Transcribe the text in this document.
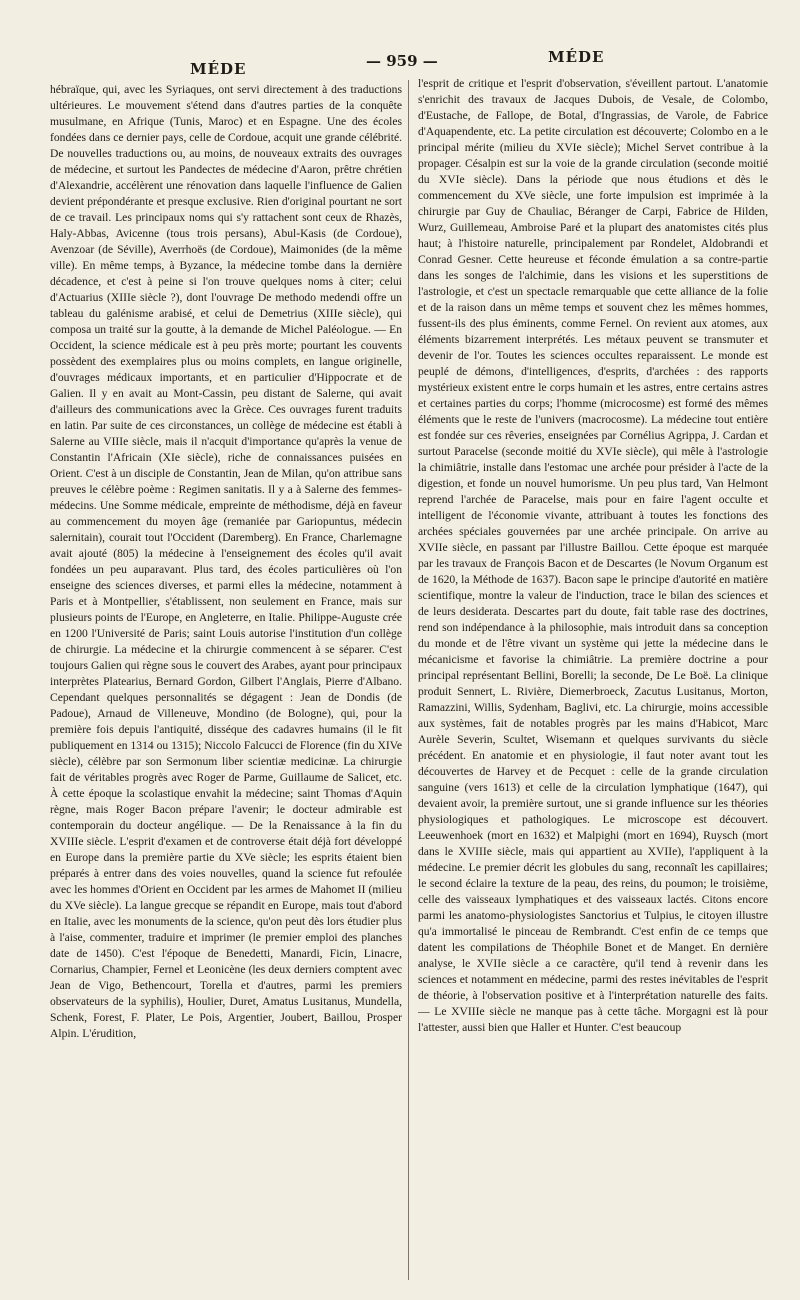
MÉDE	— 959 —	MÉDE

hébraïque, qui, avec les Syriaques, ont servi directement à des traductions ultérieures. Le mouvement s'étend dans d'autres parties de la conquête musulmane, en Afrique (Tunis, Maroc) et en Espagne. Une des écoles fondées dans ce dernier pays, celle de Cordoue, acquit une grande célébrité. De nouvelles traductions ou, au moins, de nouveaux extraits des ouvrages de médecine, et surtout les Pandectes de médecine d'Aaron, prêtre chrétien d'Alexandrie, accélèrent une rénovation dans laquelle l'influence de Galien devient prépondérante et presque exclusive. Rien d'original pourtant ne sort de ce travail. Les principaux noms qui s'y rattachent sont ceux de Rhazès, Haly-Abbas, Avicenne (tous trois persans), Abul-Kasis (de Cordoue), Avenzoar (de Séville), Averrhoës (de Cordoue), Maimonides (de la même ville). En même temps, à Byzance, la médecine tombe dans la dernière décadence, et c'est à peine si l'on trouve quelques noms à citer; celui d'Actuarius (XIIIe siècle ?), dont l'ouvrage De methodo medendi offre un tableau du galénisme arabisé, et celui de Demetrius (XIIIe siècle), qui composa un traité sur la goutte, à la demande de Michel Paléologue. — En Occident, la science médicale est à peu près morte; pourtant les couvents possèdent des exemplaires plus ou moins complets, en langue originelle, d'ouvrages médicaux importants, et en particulier d'Hippocrate et de Galien. Il y en avait au Mont-Cassin, peu distant de Salerne, qui avait d'ailleurs des communications avec la Grèce. Ces ouvrages furent traduits en latin. Par suite de ces circonstances, un collège de médecine est établi à Salerne au VIIIe siècle, mais il n'acquit d'importance qu'après la venue de Constantin l'Africain (XIe siècle), riche de connaissances puisées en Orient. C'est à un disciple de Constantin, Jean de Milan, qu'on attribue sans preuves le célèbre poème : Regimen sanitatis. Il y a à Salerne des femmes-médecins. Une Somme médicale, empreinte de méthodisme, déjà en faveur au commencement du moyen âge (remaniée par Gariopuntus, médecin salernitain), courait tout l'Occident (Daremberg). En France, Charlemagne avait ajouté (805) la médecine à l'enseignement des écoles qu'il avait fondées un peu auparavant. Plus tard, des écoles particulières où l'on enseigne des sciences diverses, et parmi elles la médecine, notamment à Paris et à Montpellier, s'établissent, non seulement en France, mais sur plusieurs points de l'Europe, en Angleterre, en Italie. Philippe-Auguste crée en 1200 l'Université de Paris; saint Louis autorise l'institution d'un collège de chirurgie. La médecine et la chirurgie commencent à se séparer. C'est toujours Galien qui règne sous le couvert des Arabes, ayant pour principaux interprètes Platearius, Bernard Gordon, Gilbert l'Anglais, Pierre d'Albano. Cependant quelques personnalités se dégagent : Jean de Dondis (de Padoue), Arnaud de Villeneuve, Mondino (de Bologne), qui, pour la première fois depuis l'antiquité, disséque des cadavres humains (il le fit publiquement en 1314 ou 1315); Niccolo Falcucci de Florence (fin du XIVe siècle), célèbre par son Sermonum liber scientiæ medicinæ. La chirurgie fait de véritables progrès avec Roger de Parme, Guillaume de Salicet, etc. À cette époque la scolastique envahit la médecine; saint Thomas d'Aquin règne, mais Roger Bacon prépare l'avenir; le docteur admirable est contemporain du docteur angélique. — De la Renaissance à la fin du XVIIIe siècle. L'esprit d'examen et de controverse était déjà fort développé en Europe dans la première partie du XVe siècle; les esprits étaient bien préparés à entrer dans des voies nouvelles, quand la science fut refoulée avec les hommes d'Orient en Occident par les armes de Mahomet II (milieu du XVe siècle). La langue grecque se répandit en Europe, mais tout d'abord en Italie, avec les monuments de la science, qu'on peut dès lors étudier plus à l'aise, commenter, traduire et imprimer (le premier emploi des planches date de 1450). C'est l'époque de Benedetti, Manardi, Ficin, Linacre, Cornarius, Champier, Fernel et Leonicène (les deux derniers comptent avec Jean de Vigo, Bethencourt, Torella et d'autres, parmi les premiers observateurs de la syphilis), Houlier, Duret, Amatus Lusitanus, Mundella, Schenk, Forest, F. Plater, Le Pois, Argentier, Joubert, Baillou, Prosper Alpin. L'érudition,

l'esprit de critique et l'esprit d'observation, s'éveillent partout. L'anatomie s'enrichit des travaux de Jacques Dubois, de Vesale, de Colombo, d'Eustache, de Fallope, de Botal, d'Ingrassias, de Varole, de Fabrice d'Aquapendente, etc. La petite circulation est découverte; Colombo en a le principal mérite (milieu du XVIe siècle); Michel Servet contribue à la propager. Césalpin est sur la voie de la grande circulation (seconde moitié du XVIe siècle). Dans la période que nous étudions et dès le commencement du XVe siècle, une forte impulsion est imprimée à la chirurgie par Guy de Chauliac, Béranger de Carpi, Fabrice de Hilden, Wurz, Guillemeau, Ambroise Paré et la plupart des anatomistes cités plus haut; à l'histoire naturelle, principalement par Rondelet, Aldobrandi et Conrad Gesner. Cette heureuse et féconde émulation a sa contre-partie dans les songes de l'alchimie, dans les visions et les superstitions de l'astrologie, et c'est un spectacle remarquable que cette alliance de la folie et de la raison dans un même temps et souvent chez les mêmes hommes, fussent-ils des plus éminents, comme Fernel. On revient aux atomes, aux éléments bizarrement interprétés. Les métaux peuvent se transmuter et devenir de l'or. Toutes les sciences occultes reparaissent. Le monde est peuplé de démons, d'intelligences, d'esprits, d'archées : des rapports mystérieux existent entre le corps humain et les astres, entre certains astres et certaines parties du corps; l'homme (microcosme) est formé des mêmes éléments que le reste de l'univers (macrocosme). La médecine tout entière est fondée sur ces rêveries, enseignées par Cornélius Agrippa, J. Cardan et surtout Paracelse (seconde moitié du XVIe siècle), qui mêle à l'astrologie la chimiâtrie, installe dans l'estomac une archée pour présider à l'acte de la digestion, et fonde un nouvel humorisme. Un peu plus tard, Van Helmont reprend l'archée de Paracelse, mais pour en faire l'agent occulte et intelligent de l'économie vivante, attribuant à toutes les fonctions des archées spéciales gouvernées par une archée principale. On arrive au XVIIe siècle, en passant par l'illustre Baillou. Cette époque est marquée par les travaux de François Bacon et de Descartes (le Novum Organum est de 1620, la Méthode de 1637). Bacon sape le principe d'autorité en matière scientifique, montre la valeur de l'induction, trace le bilan des sciences et de leurs desiderata. Descartes part du doute, fait table rase des doctrines, rend son indépendance à la philosophie, mais introduit dans sa conception du monde et de l'être vivant un système qui jette la médecine dans le mécanicisme et favorise la chimiâtrie. La première doctrine a pour principal représentant Bellini, Borelli; la seconde, De Le Boë. La clinique produit Sennert, L. Rivière, Diemerbroeck, Zacutus Lusitanus, Morton, Ramazzini, Willis, Sydenham, Baglivi, etc. La chirurgie, moins accessible aux systèmes, fait de notables progrès par les mains d'Habicot, Marc Aurèle Severin, Scultet, Wisemann et quelques survivants du siècle précédent. En anatomie et en physiologie, il faut noter avant tout les découvertes de Harvey et de Pecquet : celle de la grande circulation sanguine (vers 1613) et celle de la circulation lymphatique (1647), qui devaient avoir, la première surtout, une si grande influence sur les théories physiologiques et pathologiques. Le microscope est découvert. Leeuwenhoek (mort en 1632) et Malpighi (mort en 1694), Ruysch (mort dans le XVIIIe siècle, mais qui appartient au XVIIe), l'appliquent à la médecine. Le premier décrit les globules du sang, reconnaît les capillaires; le second éclaire la texture de la peau, des reins, du poumon; le troisième, celle des vaisseaux lymphatiques et des vaisseaux lactés. Citons encore parmi les anatomo-physiologistes Sanctorius et Tulpius, le citoyen illustre qu'a immortalisé le pinceau de Rembrandt. C'est enfin de ce temps que datent les compilations de Théophile Bonet et de Manget. En dernière analyse, le XVIIe siècle a ce caractère, qu'il tend à revenir dans les sciences et notamment en médecine, parmi des restes inévitables de l'esprit de théorie, à l'observation positive et à l'interprétation naturelle des faits. — Le XVIIIe siècle ne manque pas à cette tâche. Morgagni est là pour l'attester, aussi bien que Haller et Hunter. C'est beaucoup
